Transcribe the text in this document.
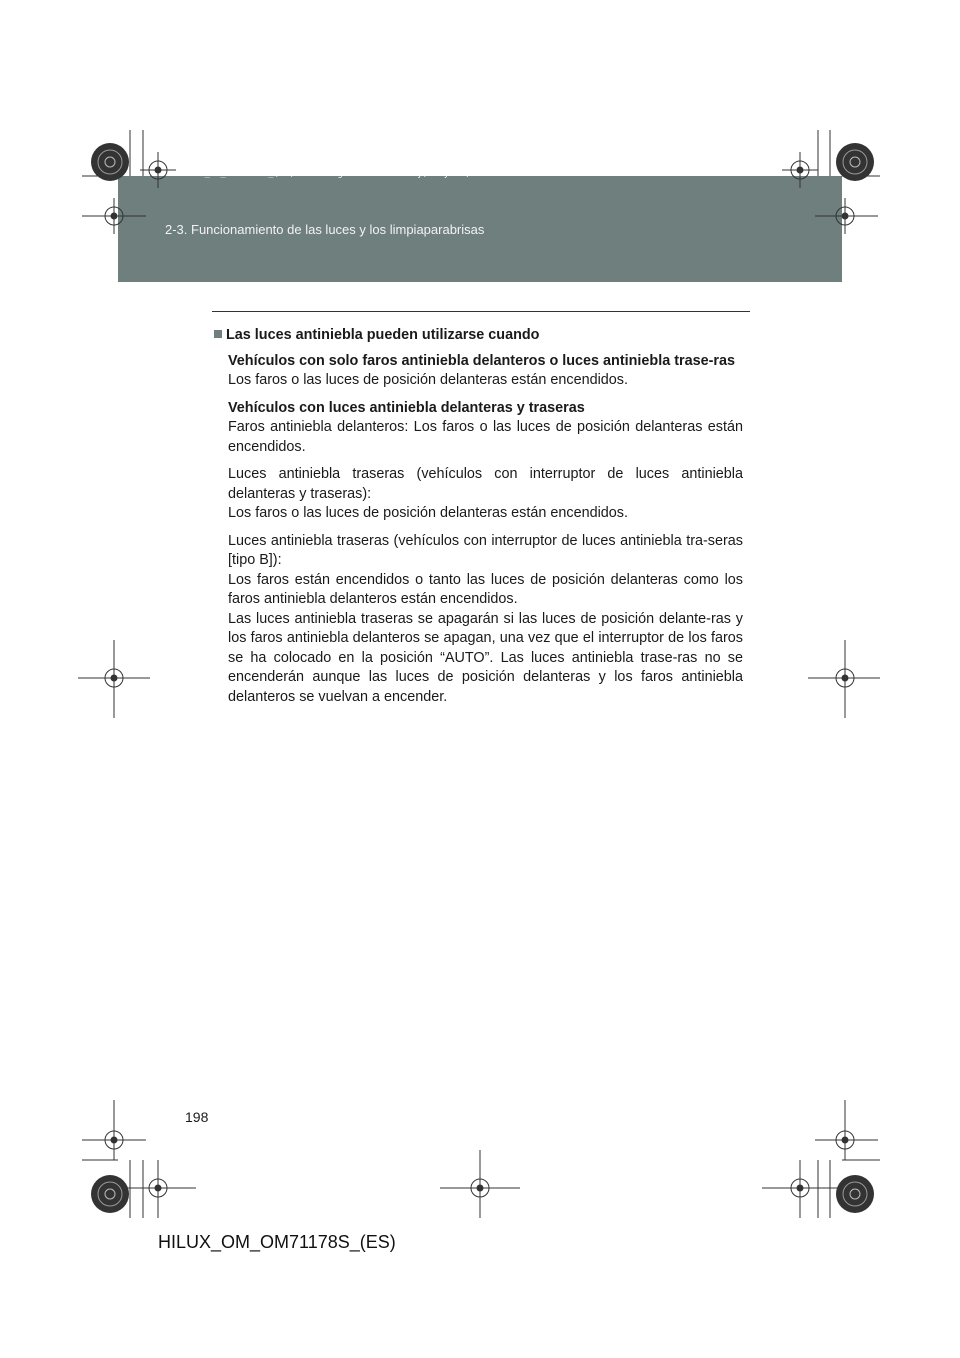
HILUX_OM_OM71178S_(ES).book Page 198 Wednesday, May 16, 2012 3:09 PM
2-3. Funcionamiento de las luces y los limpiaparabrisas
Las luces antiniebla pueden utilizarse cuando
Vehículos con solo faros antiniebla delanteros o luces antiniebla trase-ras
Los faros o las luces de posición delanteras están encendidos.
Vehículos con luces antiniebla delanteras y traseras
Faros antiniebla delanteros: Los faros o las luces de posición delanteras están encendidos.
Luces antiniebla traseras (vehículos con interruptor de luces antiniebla delanteras y traseras):
Los faros o las luces de posición delanteras están encendidos.
Luces antiniebla traseras (vehículos con interruptor de luces antiniebla tra-seras [tipo B]):
Los faros están encendidos o tanto las luces de posición delanteras como los faros antiniebla delanteros están encendidos.
Las luces antiniebla traseras se apagarán si las luces de posición delante-ras y los faros antiniebla delanteros se apagan, una vez que el interruptor de los faros se ha colocado en la posición “AUTO”. Las luces antiniebla trase-ras no se encenderán aunque las luces de posición delanteras y los faros antiniebla delanteros se vuelvan a encender.
198
HILUX_OM_OM71178S_(ES)
